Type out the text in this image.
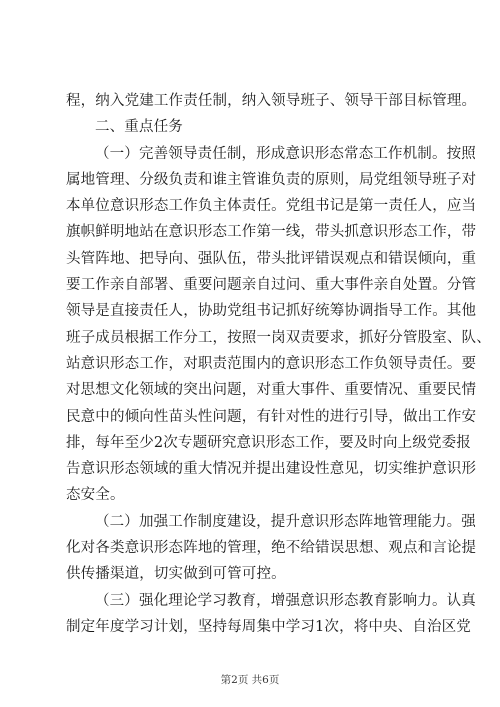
程，纳入党建工作责任制，纳入领导班子、领导干部目标管理。
二、重点任务
（一）完善领导责任制，形成意识形态常态工作机制。按照
属地管理、分级负责和谁主管谁负责的原则，局党组领导班子对
本单位意识形态工作负主体责任。党组书记是第一责任人，应当
旗帜鲜明地站在意识形态工作第一线，带头抓意识形态工作，带
头管阵地、把导向、强队伍，带头批评错误观点和错误倾向，重
要工作亲自部署、重要问题亲自过问、重大事件亲自处置。分管
领导是直接责任人，协助党组书记抓好统筹协调指导工作。其他
班子成员根据工作分工，按照一岗双责要求，抓好分管股室、队、
站意识形态工作，对职责范围内的意识形态工作负领导责任。要
对思想文化领域的突出问题，对重大事件、重要情况、重要民情
民意中的倾向性苗头性问题，有针对性的进行引导，做出工作安
排，每年至少2次专题研究意识形态工作，要及时向上级党委报
告意识形态领域的重大情况并提出建设性意见，切实维护意识形
态安全。
（二）加强工作制度建设，提升意识形态阵地管理能力。强
化对各类意识形态阵地的管理，绝不给错误思想、观点和言论提
供传播渠道，切实做到可管可控。
（三）强化理论学习教育，增强意识形态教育影响力。认真
制定年度学习计划，坚持每周集中学习1次，将中央、自治区党
第2页 共6页
